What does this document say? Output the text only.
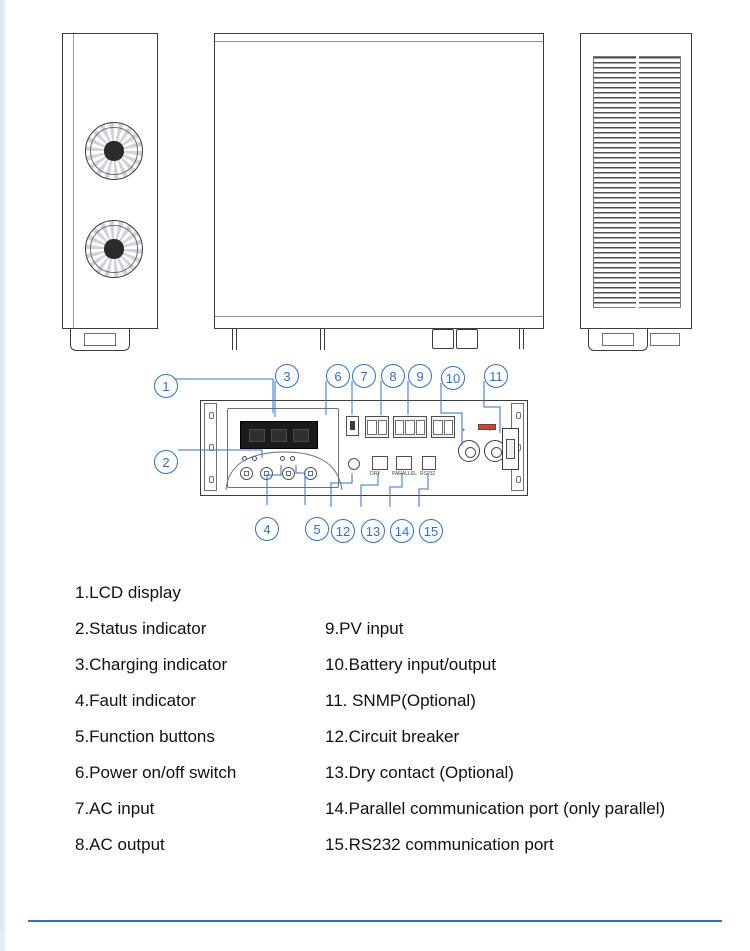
+	-
DRY PARALLEL RS232
1
2
3
4	5
6	7	8	9	10	11
12	13	14	15
1.LCD display
2.Status indicator
3.Charging indicator
4.Fault indicator
5.Function buttons
6.Power on/off switch
7.AC input
8.AC output
9.PV input
10.Battery input/output
11. SNMP(Optional)
12.Circuit breaker
13.Dry contact (Optional)
14.Parallel communication port (only parallel)
15.RS232 communication port
